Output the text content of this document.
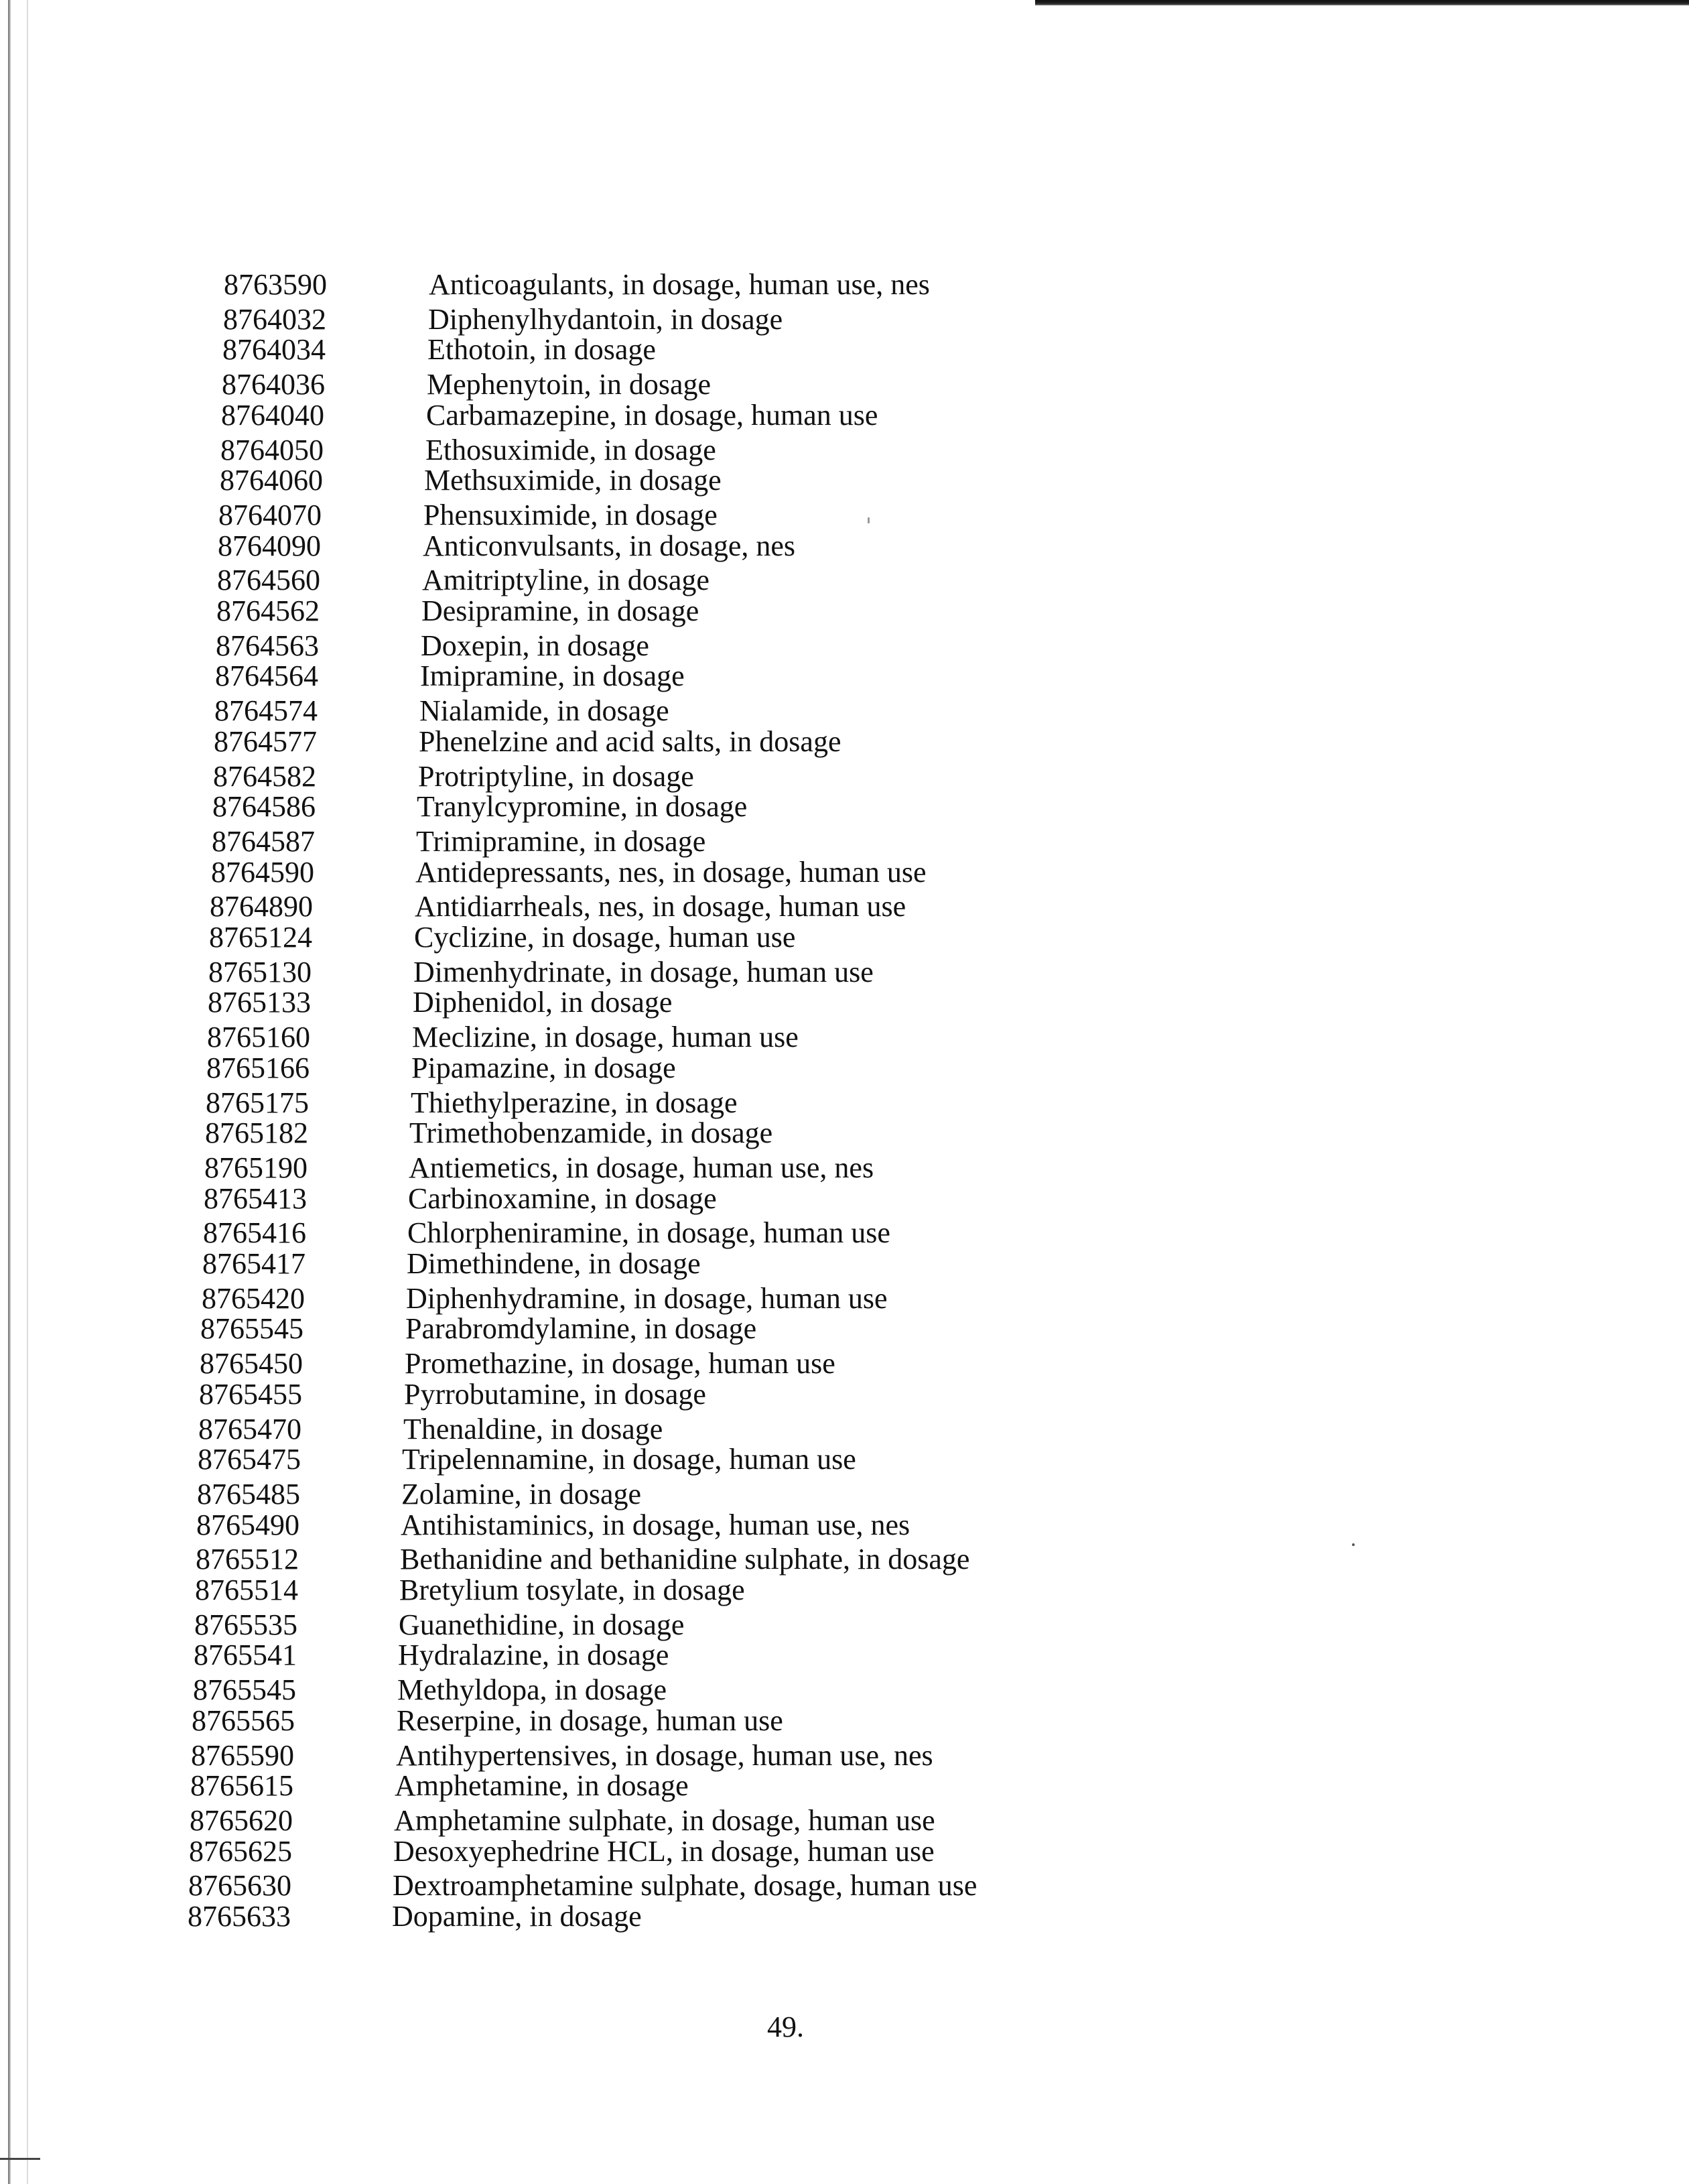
8763590	Anticoagulants, in dosage, human use, nes
8764032	Diphenylhydantoin, in dosage
8764034	Ethotoin, in dosage
8764036	Mephenytoin, in dosage
8764040	Carbamazepine, in dosage, human use
8764050	Ethosuximide, in dosage
8764060	Methsuximide, in dosage
8764070	Phensuximide, in dosage
8764090	Anticonvulsants, in dosage, nes
8764560	Amitriptyline, in dosage
8764562	Desipramine, in dosage
8764563	Doxepin, in dosage
8764564	Imipramine, in dosage
8764574	Nialamide, in dosage
8764577	Phenelzine and acid salts, in dosage
8764582	Protriptyline, in dosage
8764586	Tranylcypromine, in dosage
8764587	Trimipramine, in dosage
8764590	Antidepressants, nes, in dosage, human use
8764890	Antidiarrheals, nes, in dosage, human use
8765124	Cyclizine, in dosage, human use
8765130	Dimenhydrinate, in dosage, human use
8765133	Diphenidol, in dosage
8765160	Meclizine, in dosage, human use
8765166	Pipamazine, in dosage
8765175	Thiethylperazine, in dosage
8765182	Trimethobenzamide, in dosage
8765190	Antiemetics, in dosage, human use, nes
8765413	Carbinoxamine, in dosage
8765416	Chlorpheniramine, in dosage, human use
8765417	Dimethindene, in dosage
8765420	Diphenhydramine, in dosage, human use
8765545	Parabromdylamine, in dosage
8765450	Promethazine, in dosage, human use
8765455	Pyrrobutamine, in dosage
8765470	Thenaldine, in dosage
8765475	Tripelennamine, in dosage, human use
8765485	Zolamine, in dosage
8765490	Antihistaminics, in dosage, human use, nes
8765512	Bethanidine and bethanidine sulphate, in dosage
8765514	Bretylium tosylate, in dosage
8765535	Guanethidine, in dosage
8765541	Hydralazine, in dosage
8765545	Methyldopa, in dosage
8765565	Reserpine, in dosage, human use
8765590	Antihypertensives, in dosage, human use, nes
8765615	Amphetamine, in dosage
8765620	Amphetamine sulphate, in dosage, human use
8765625	Desoxyephedrine HCL, in dosage, human use
8765630	Dextroamphetamine sulphate, dosage, human use
8765633	Dopamine, in dosage
49.
